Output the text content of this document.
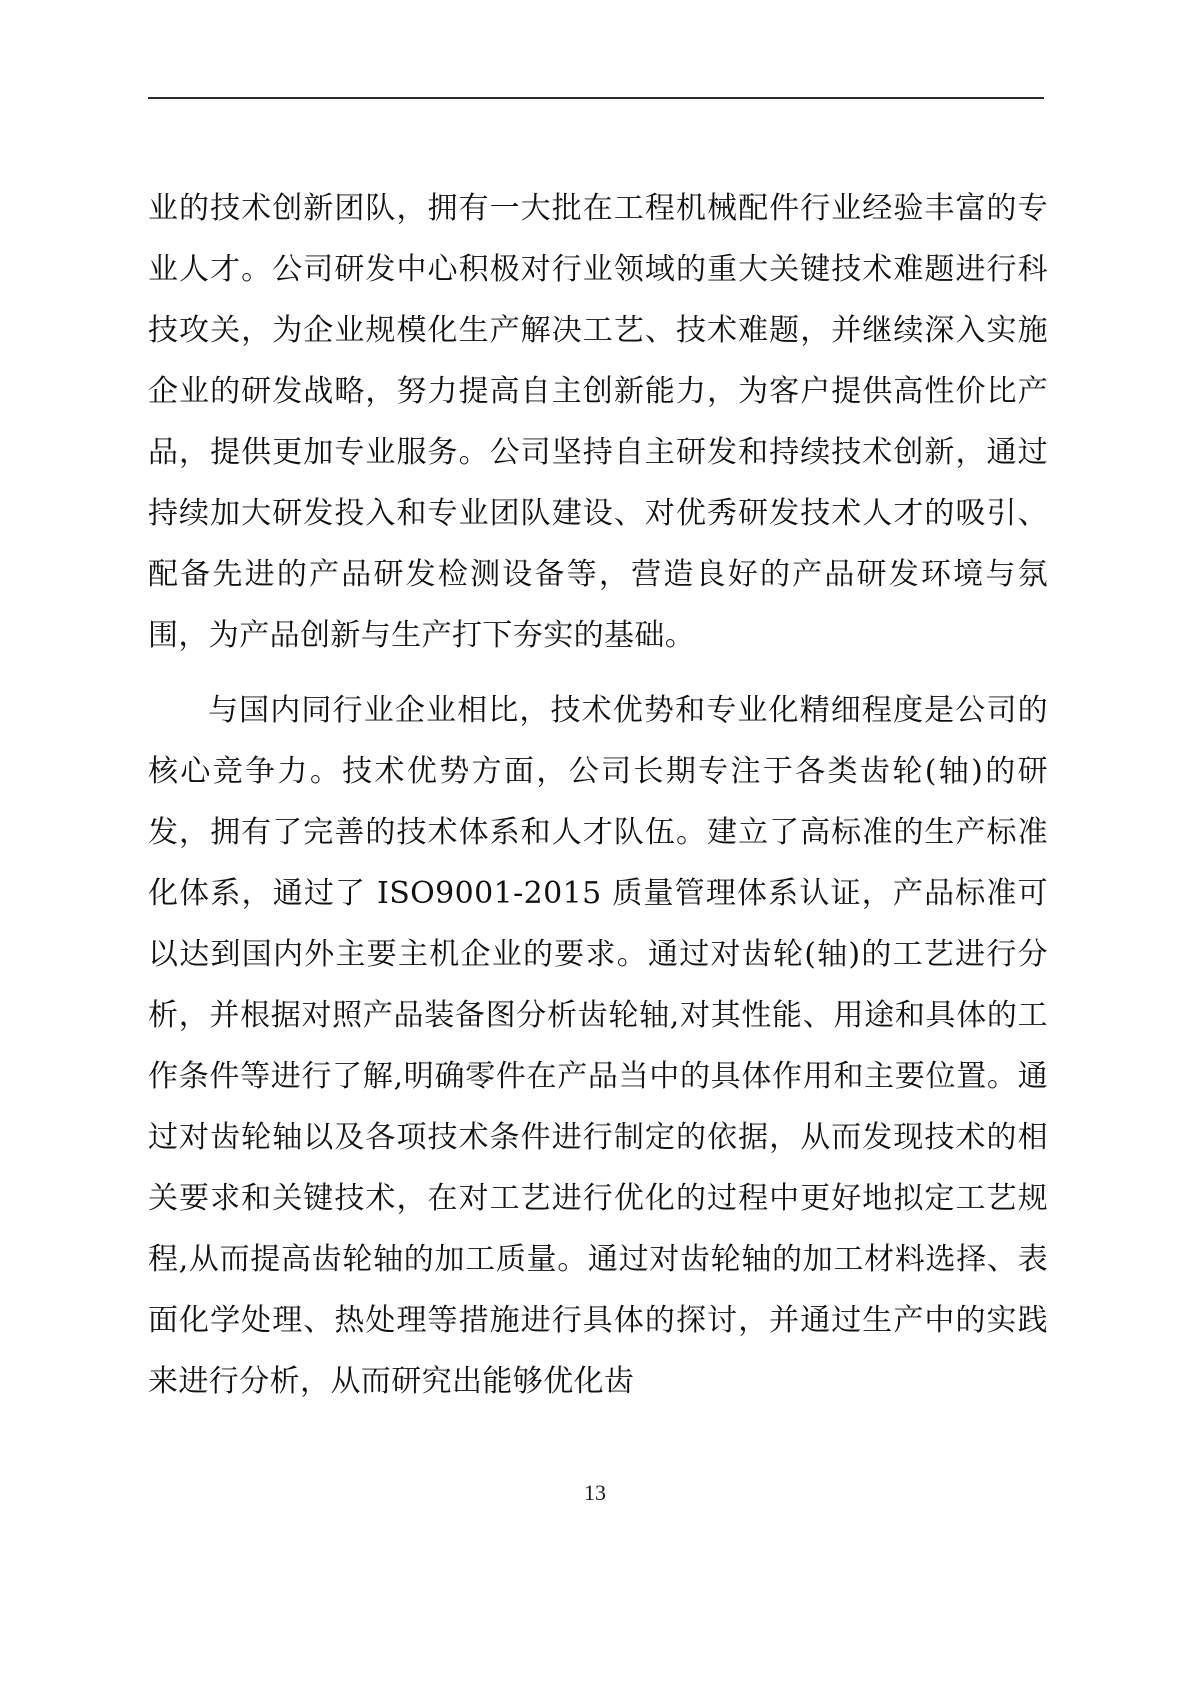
业的技术创新团队，拥有一大批在工程机械配件行业经验丰富的专业人才。公司研发中心积极对行业领域的重大关键技术难题进行科技攻关，为企业规模化生产解决工艺、技术难题，并继续深入实施企业的研发战略，努力提高自主创新能力，为客户提供高性价比产品，提供更加专业服务。公司坚持自主研发和持续技术创新，通过持续加大研发投入和专业团队建设、对优秀研发技术人才的吸引、配备先进的产品研发检测设备等，营造良好的产品研发环境与氛围，为产品创新与生产打下夯实的基础。

与国内同行业企业相比，技术优势和专业化精细程度是公司的核心竞争力。技术优势方面，公司长期专注于各类齿轮(轴)的研发，拥有了完善的技术体系和人才队伍。建立了高标准的生产标准化体系，通过了 ISO9001-2015 质量管理体系认证，产品标准可以达到国内外主要主机企业的要求。通过对齿轮(轴)的工艺进行分析，并根据对照产品装备图分析齿轮轴,对其性能、用途和具体的工作条件等进行了解,明确零件在产品当中的具体作用和主要位置。通过对齿轮轴以及各项技术条件进行制定的依据，从而发现技术的相关要求和关键技术，在对工艺进行优化的过程中更好地拟定工艺规程,从而提高齿轮轴的加工质量。通过对齿轮轴的加工材料选择、表面化学处理、热处理等措施进行具体的探讨，并通过生产中的实践来进行分析，从而研究出能够优化齿

13
